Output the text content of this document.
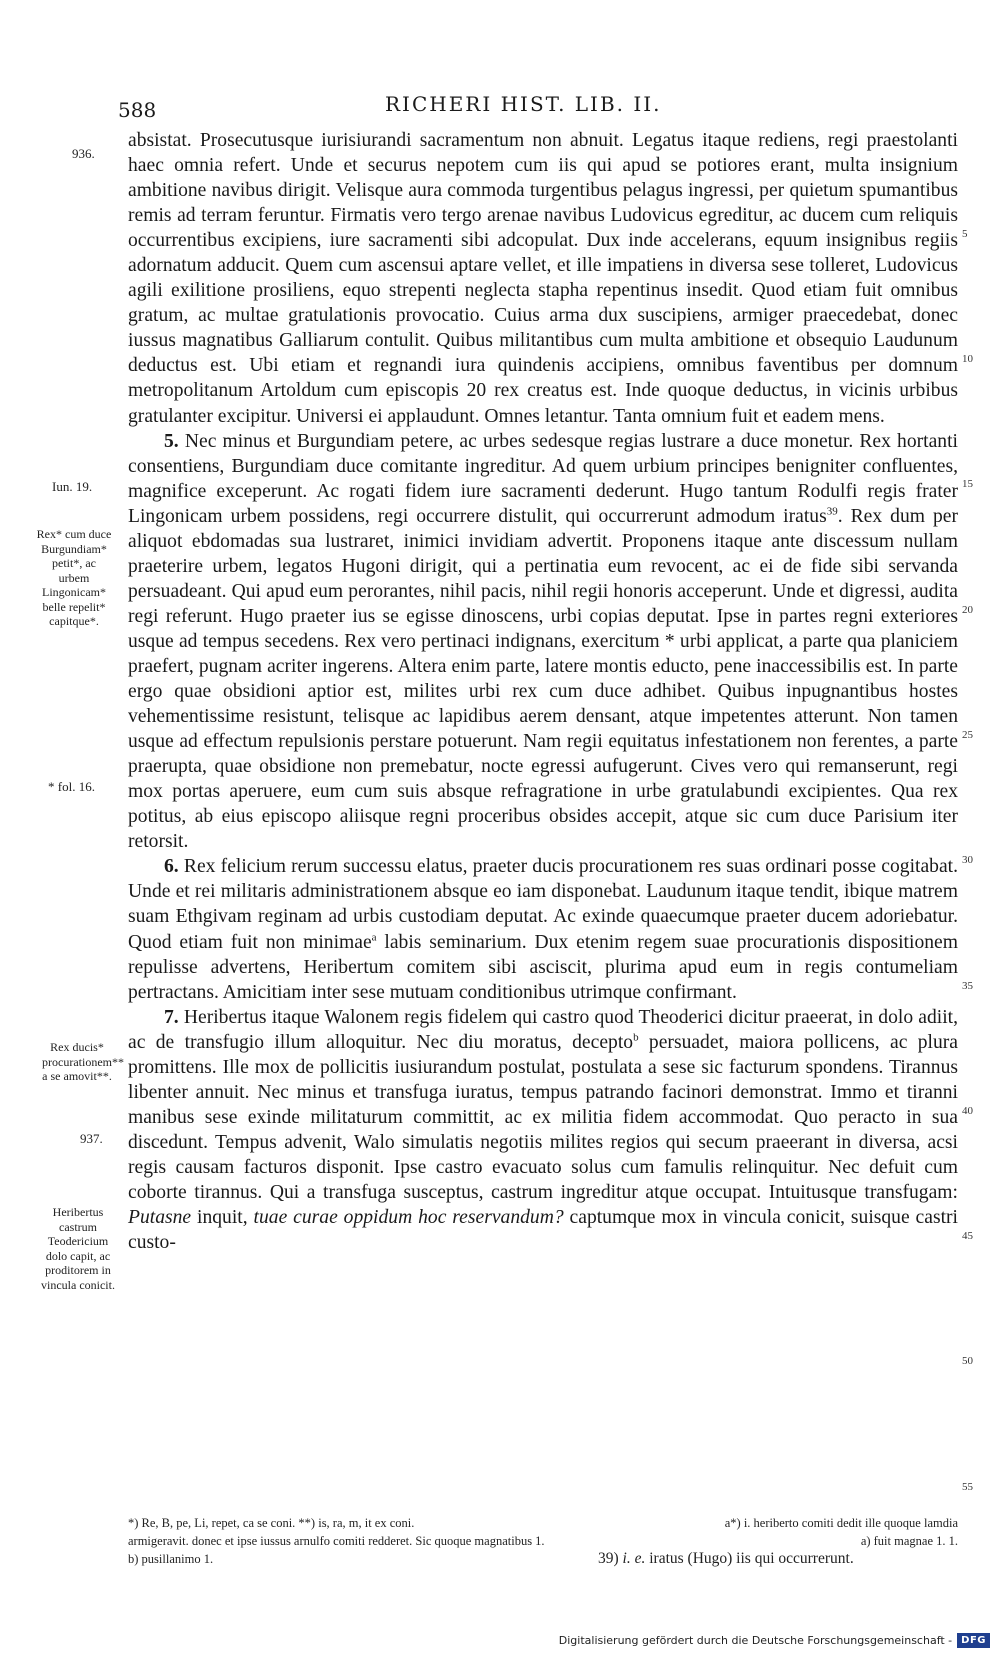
588	RICHERI HIST. LIB. II.
936.
Iun. 19.
Rex* cum duce Burgundiam* petit*, ac urbem Lingonicam* belle repelit* capitque*.
* fol. 16.
Rex ducis* procurationem** a se amovit**.
937.
Heribertus castrum Teodericium dolo capit, ac proditorem in vincula conicit.
5
10
15
20
25
30
35
40
45
50
55

absistat. Prosecutusque iurisiurandi sacramentum non abnuit. Legatus itaque rediens, regi praestolanti haec omnia refert. Unde et securus nepotem cum iis qui apud se potiores erant, multa insignium ambitione navibus dirigit. Velisque aura commoda turgentibus pelagus ingressi, per quietum spumantibus remis ad terram feruntur. Firmatis vero tergo arenae navibus Ludovicus egreditur, ac ducem cum reliquis occurrentibus excipiens, iure sacramenti sibi adcopulat. Dux inde accelerans, equum insignibus regiis adornatum adducit. Quem cum ascensui aptare vellet, et ille impatiens in diversa sese tolleret, Ludovicus agili exilitione prosiliens, equo strepenti neglecta stapha repentinus insedit. Quod etiam fuit omnibus gratum, ac multae gratulationis provocatio. Cuius arma dux suscipiens, armiger praecedebat, donec iussus magnatibus Galliarum contulit. Quibus militantibus cum multa ambitione et obsequio Laudunum deductus est. Ubi etiam et regnandi iura quindenis accipiens, omnibus faventibus per domnum metropolitanum Artoldum cum episcopis 20 rex creatus est. Inde quoque deductus, in vicinis urbibus gratulanter excipitur. Universi ei applaudunt. Omnes letantur. Tanta omnium fuit et eadem mens.

5. Nec minus et Burgundiam petere, ac urbes sedesque regias lustrare a duce monetur. Rex hortanti consentiens, Burgundiam duce comitante ingreditur. Ad quem urbium principes benigniter confluentes, magnifice exceperunt. Ac rogati fidem iure sacramenti dederunt. Hugo tantum Rodulfi regis frater Lingonicam urbem possidens, regi occurrere distulit, qui occurrerunt admodum iratus$^{39}$. Rex dum per aliquot ebdomadas sua lustraret, inimici invidiam advertit. Proponens itaque ante discessum nullam praeterire urbem, legatos Hugoni dirigit, qui a pertinatia eum revocent, ac ei de fide sibi servanda persuadeant. Qui apud eum perorantes, nihil pacis, nihil regii honoris acceperunt. Unde et digressi, audita regi referunt. Hugo praeter ius se egisse dinoscens, urbi copias deputat. Ipse in partes regni exteriores usque ad tempus secedens. Rex vero pertinaci indignans, exercitum * urbi applicat, a parte qua planiciem praefert, pugnam acriter ingerens. Altera enim parte, latere montis educto, pene inaccessibilis est. In parte ergo quae obsidioni aptior est, milites urbi rex cum duce adhibet. Quibus inpugnantibus hostes vehementissime resistunt, telisque ac lapidibus aerem densant, atque impetentes atterunt. Non tamen usque ad effectum repulsionis perstare potuerunt. Nam regii equitatus infestationem non ferentes, a parte praerupta, quae obsidione non premebatur, nocte egressi aufugerunt. Cives vero qui remanserunt, regi mox portas aperuere, eum cum suis absque refragratione in urbe gratulabundi excipientes. Qua rex potitus, ab eius episcopo aliisque regni proceribus obsides accepit, atque sic cum duce Parisium iter retorsit.

6. Rex felicium rerum successu elatus, praeter ducis procurationem res suas ordinari posse cogitabat. Unde et rei militaris administrationem absque eo iam disponebat. Laudunum itaque tendit, ibique matrem suam Ethgivam reginam ad urbis custodiam deputat. Ac exinde quaecumque praeter ducem adoriebatur. Quod etiam fuit non minimae$^a$ labis seminarium. Dux etenim regem suae procurationis dispositionem repulisse advertens, Heribertum comitem sibi asciscit, plurima apud eum in regis contumeliam pertractans. Amicitiam inter sese mutuam conditionibus utrimque confirmant.

7. Heribertus itaque Walonem regis fidelem qui castro quod Theoderici dicitur praeerat, in dolo adiit, ac de transfugio illum alloquitur. Nec diu moratus, decepto$^b$ persuadet, maiora pollicens, ac plura promittens. Ille mox de pollicitis iusiurandum postulat, postulata a sese sic facturum spondens. Tirannus libenter annuit. Nec minus et transfuga iuratus, tempus patrando facinori demonstrat. Immo et tiranni manibus sese exinde militaturum committit, ac ex militia fidem accommodat. Quo peracto in sua discedunt. Tempus advenit, Walo simulatis negotiis milites regios qui secum praeerant in diversa, acsi regis causam facturos disponit. Ipse castro evacuato solus cum famulis relinquitur. Nec defuit cum coborte tirannus. Qui a transfuga susceptus, castrum ingreditur atque occupat. Intuitusque transfugam: Putasne inquit, tuae curae oppidum hoc reservandum? captumque mox in vincula conicit, suisque castri custo-

*) Re, B, pe, Li, repet, ca se coni. **) is, ra, m, it ex coni.	a*) i. heriberto comiti dedit ille quoque lamdia
armigeravit. donec et ipse iussus arnulfo comiti redderet. Sic quoque magnatibus 1.	a) fuit magnae 1. 1.
b) pusillanimo 1.	39) i. e. iratus (Hugo) iis qui occurrerunt.
Digitalisierung gefördert durch die Deutsche Forschungsgemeinschaft - DFG
